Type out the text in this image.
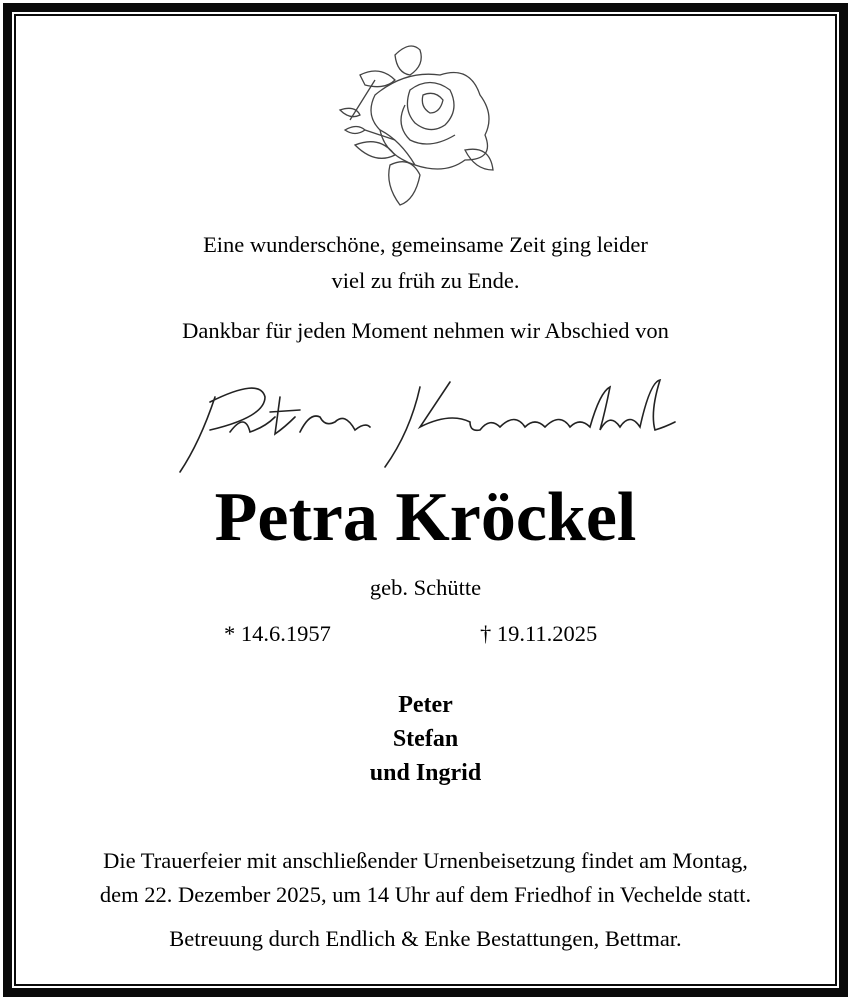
Eine wunderschöne, gemeinsame Zeit ging leider
viel zu früh zu Ende.
Dankbar für jeden Moment nehmen wir Abschied von
Petra Kröckel
geb. Schütte
* 14.6.1957	† 19.11.2025
Peter
Stefan
und Ingrid
Die Trauerfeier mit anschließender Urnenbeisetzung findet am Montag,
dem 22. Dezember 2025, um 14 Uhr auf dem Friedhof in Vechelde statt.
Betreuung durch Endlich & Enke Bestattungen, Bettmar.
